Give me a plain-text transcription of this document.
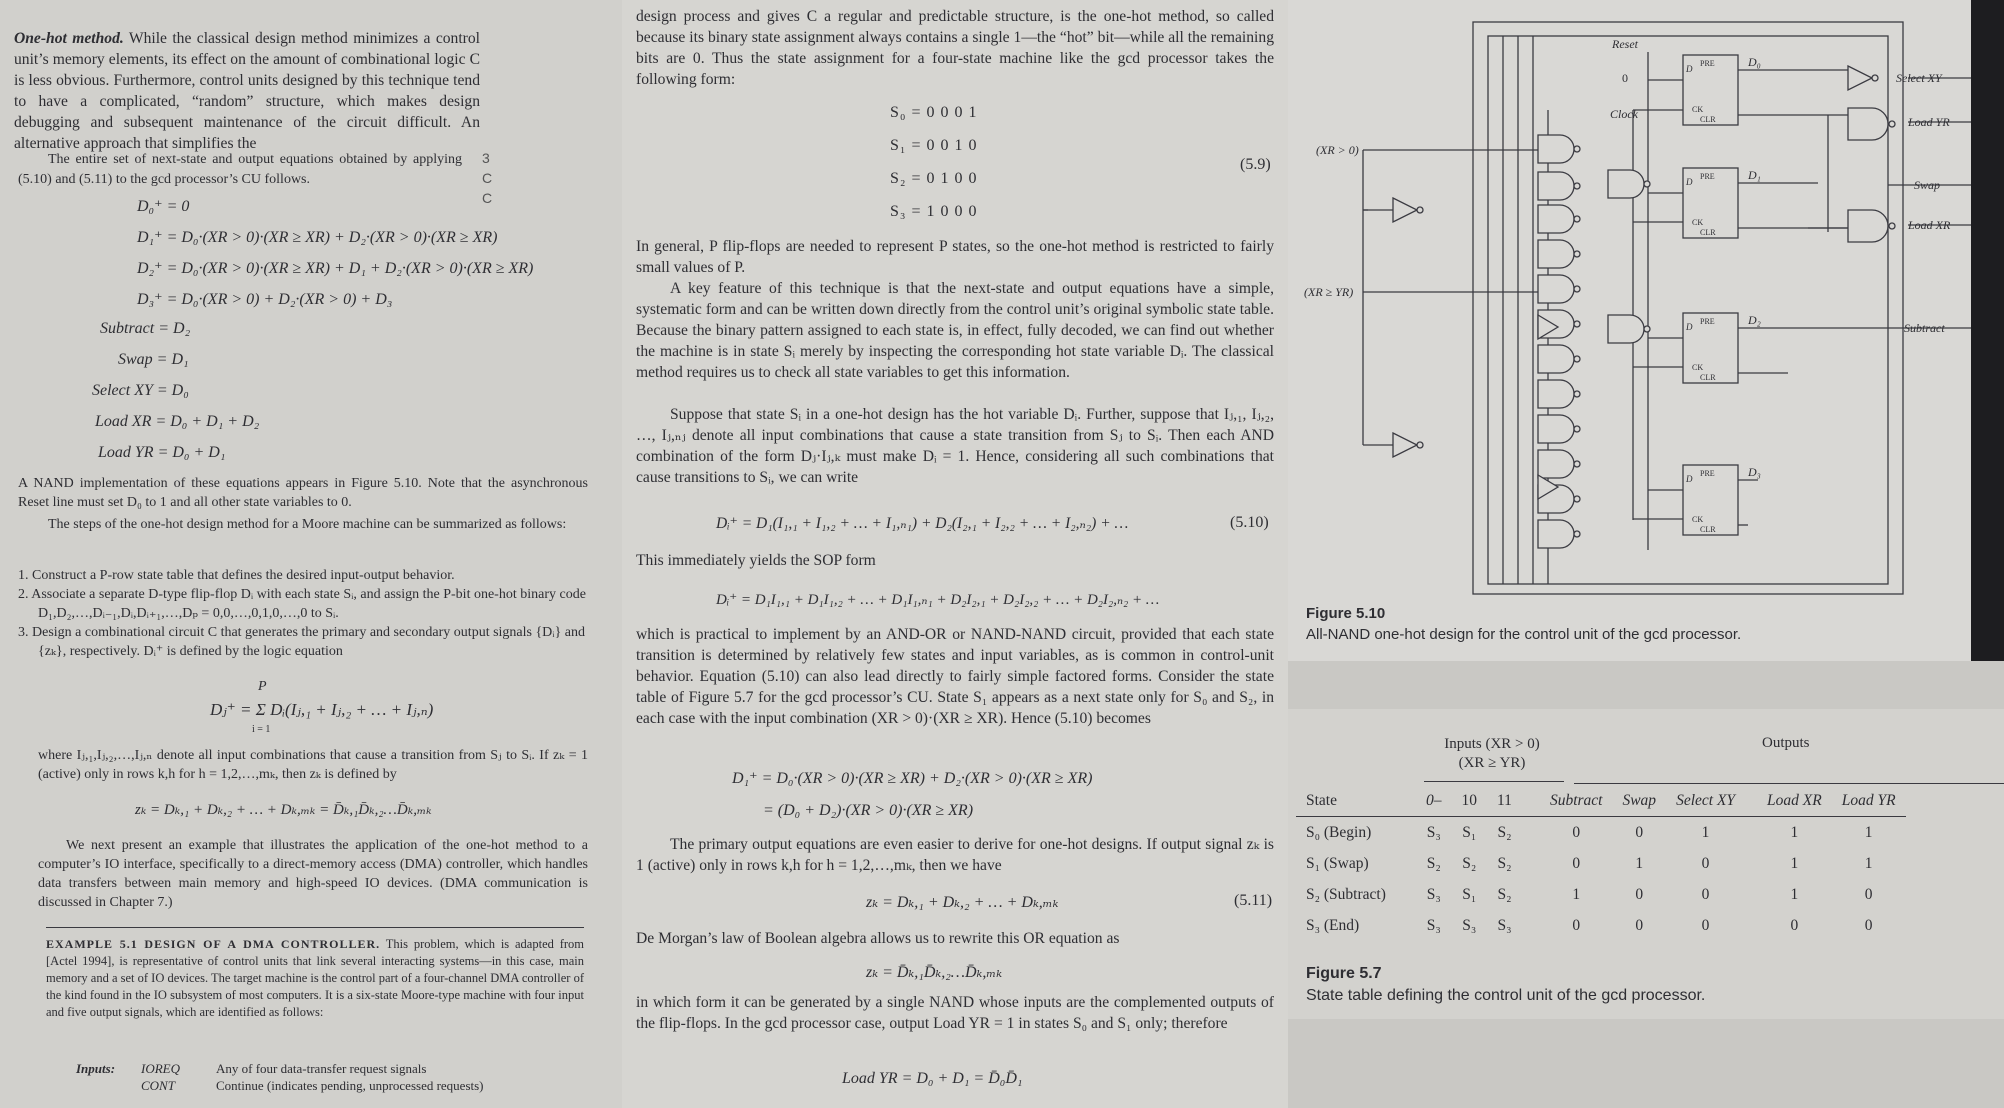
One-hot method. While the classical design method minimizes a control unit’s memory elements, its effect on the amount of combinational logic C is less obvious. Furthermore, control units designed by this technique tend to have a complicated, “random” structure, which makes design debugging and subsequent maintenance of the circuit difficult. An alternative approach that simplifies the
3
C
C
The entire set of next-state and output equations obtained by applying (5.10) and (5.11) to the gcd processor’s CU follows.
D₀⁺ = 0
D₁⁺ = D₀·(XR > 0)·(XR ≥ XR) + D₂·(XR > 0)·(XR ≥ XR)
D₂⁺ = D₀·(XR > 0)·(XR ≥ XR) + D₁ + D₂·(XR > 0)·(XR ≥ XR)
D₃⁺ = D₀·(XR > 0) + D₂·(XR > 0) + D₃
Subtract = D₂
Swap = D₁
Select XY = D₀
Load XR = D₀ + D₁ + D₂
Load YR = D₀ + D₁
A NAND implementation of these equations appears in Figure 5.10. Note that the asynchronous Reset line must set D₀ to 1 and all other state variables to 0.
The steps of the one-hot design method for a Moore machine can be summarized as follows:
1. Construct a P-row state table that defines the desired input-output behavior.
2. Associate a separate D-type flip-flop Dᵢ with each state Sᵢ, and assign the P-bit one-hot binary code D₁,D₂,…,Dᵢ₋₁,Dᵢ,Dᵢ₊₁,…,Dₚ = 0,0,…,0,1,0,…,0 to Sᵢ.
3. Design a combinational circuit C that generates the primary and secondary output signals {Dᵢ} and {zₖ}, respectively. Dᵢ⁺ is defined by the logic equation
P
Dⱼ⁺ = Σ Dᵢ(Iⱼ,₁ + Iⱼ,₂ + … + Iⱼ,ₙ)
i = 1
where Iⱼ,₁,Iⱼ,₂,…,Iⱼ,ₙ denote all input combinations that cause a transition from Sⱼ to Sᵢ. If zₖ = 1 (active) only in rows k,h for h = 1,2,…,mₖ, then zₖ is defined by
zₖ = Dₖ,₁ + Dₖ,₂ + … + Dₖ,ₘₖ = D̄ₖ,₁D̄ₖ,₂…D̄ₖ,ₘₖ
We next present an example that illustrates the application of the one-hot method to a computer’s IO interface, specifically to a direct-memory access (DMA) controller, which handles data transfers between main memory and high-speed IO devices. (DMA communication is discussed in Chapter 7.)
EXAMPLE 5.1 DESIGN OF A DMA CONTROLLER. This problem, which is adapted from [Actel 1994], is representative of control units that link several interacting systems—in this case, main memory and a set of IO devices. The target machine is the control part of a four-channel DMA controller of the kind found in the IO subsystem of most computers. It is a six-state Moore-type machine with four input and five output signals, which are identified as follows:
Inputs:	IOREQ	Any of four data-transfer request signals
CONT	Continue (indicates pending, unprocessed requests)
design process and gives C a regular and predictable structure, is the one-hot method, so called because its binary state assignment always contains a single 1—the “hot” bit—while all the remaining bits are 0. Thus the state assignment for a four-state machine like the gcd processor takes the following form:
S₀ = 0 0 0 1
S₁ = 0 0 1 0
S₂ = 0 1 0 0
S₃ = 1 0 0 0
(5.9)
In general, P flip-flops are needed to represent P states, so the one-hot method is restricted to fairly small values of P.
A key feature of this technique is that the next-state and output equations have a simple, systematic form and can be written down directly from the control unit’s original symbolic state table. Because the binary pattern assigned to each state is, in effect, fully decoded, we can find out whether the machine is in state Sᵢ merely by inspecting the corresponding hot state variable Dᵢ. The classical method requires us to check all state variables to get this information.
Suppose that state Sᵢ in a one-hot design has the hot variable Dᵢ. Further, suppose that Iⱼ,₁, Iⱼ,₂, …, Iⱼ,ₙⱼ denote all input combinations that cause a state transition from Sⱼ to Sᵢ. Then each AND combination of the form Dⱼ·Iⱼ,ₖ must make Dᵢ = 1. Hence, considering all such combinations that cause transitions to Sᵢ, we can write
Dᵢ⁺ = D₁(I₁,₁ + I₁,₂ + … + I₁,ₙ₁) + D₂(I₂,₁ + I₂,₂ + … + I₂,ₙ₂) + …	(5.10)
This immediately yields the SOP form
Dᵢ⁺ = D₁I₁,₁ + D₁I₁,₂ + … + D₁I₁,ₙ₁ + D₂I₂,₁ + D₂I₂,₂ + … + D₂I₂,ₙ₂ + …
which is practical to implement by an AND-OR or NAND-NAND circuit, provided that each state transition is determined by relatively few states and input variables, as is common in control-unit behavior. Equation (5.10) can also lead directly to fairly simple factored forms. Consider the state table of Figure 5.7 for the gcd processor’s CU. State S₁ appears as a next state only for S₀ and S₂, in each case with the input combination (XR > 0)·(XR ≥ XR). Hence (5.10) becomes
D₁⁺ = D₀·(XR > 0)·(XR ≥ XR) + D₂·(XR > 0)·(XR ≥ XR)
= (D₀ + D₂)·(XR > 0)·(XR ≥ XR)
The primary output equations are even easier to derive for one-hot designs. If output signal zₖ is 1 (active) only in rows k,h for h = 1,2,…,mₖ, then we have
zₖ = Dₖ,₁ + Dₖ,₂ + … + Dₖ,ₘₖ	(5.11)
De Morgan’s law of Boolean algebra allows us to rewrite this OR equation as
zₖ = D̄ₖ,₁D̄ₖ,₂…D̄ₖ,ₘₖ
in which form it can be generated by a single NAND whose inputs are the complemented outputs of the flip-flops. In the gcd processor case, output Load YR = 1 in states S₀ and S₁ only; therefore
Load YR = D₀ + D₁ = D̄₀D̄₁
Reset
0
Clock
(XR > 0)
(XR ≥ YR)
D
PRE
CK
CLR
D
PRE
CK
CLR
D
PRE
CK
CLR
D
PRE
CK
CLR
D₀
D₁
D₂
D₃
Select XY
Load YR
Swap
Load XR
Subtract
Figure 5.10
All-NAND one-hot design for the control unit of the gcd processor.
Inputs (XR > 0)
(XR ≥ YR)
Outputs
State	0–	10	11	Subtract	Swap	Select XY	Load XR	Load YR
S₀ (Begin)	S₃	S₁	S₂	0	0	1	1	1
S₁ (Swap)	S₂	S₂	S₂	0	1	0	1	1
S₂ (Subtract)	S₃	S₁	S₂	1	0	0	1	0
S₃ (End)	S₃	S₃	S₃	0	0	0	0	0
Figure 5.7
State table defining the control unit of the gcd processor.
